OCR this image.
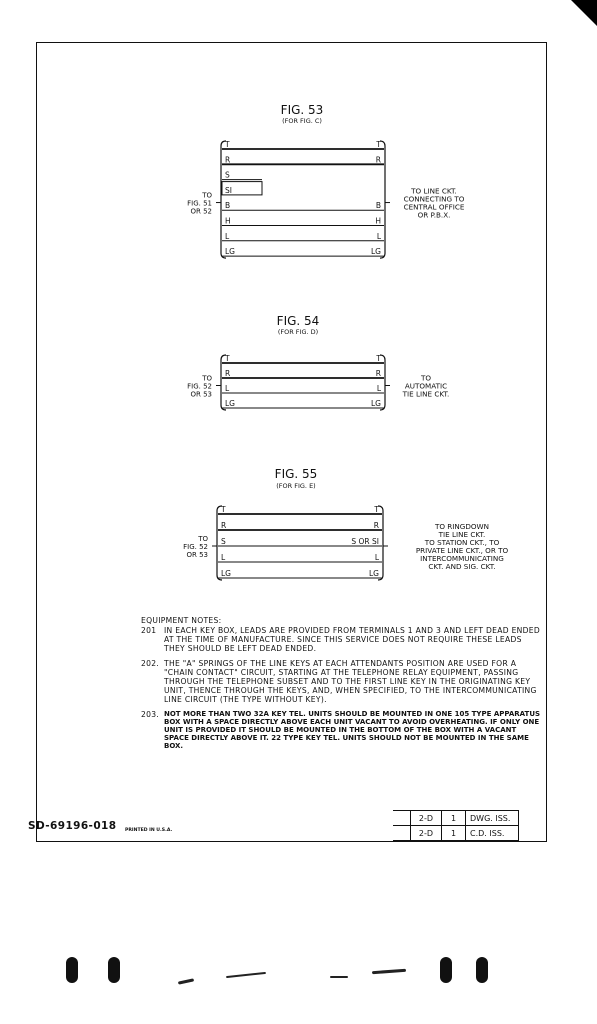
FIG. 53
(FOR FIG. C)
T	T
R	R
S
SI
B	B
H	H
L	L
LG	LG
TO
FIG. 51
OR 52
TO LINE CKT.
CONNECTING TO
CENTRAL OFFICE
OR P.B.X.
FIG. 54
(FOR FIG. D)
T	T
R	R
L	L
LG	LG
TO
FIG. 52
OR 53
TO
AUTOMATIC
TIE LINE CKT.
FIG. 55
(FOR FIG. E)
T	T
R	R
S	S OR SI
L	L
LG	LG
TO
FIG. 52
OR 53
TO RINGDOWN
TIE LINE CKT.
TO STATION CKT., TO
PRIVATE LINE CKT., OR TO
INTERCOMMUNICATING
CKT. AND SIG. CKT.
EQUIPMENT NOTES:
201 IN EACH KEY BOX, LEADS ARE PROVIDED FROM TERMINALS 1 AND 3 AND LEFT DEAD ENDED AT THE TIME OF MANUFACTURE. SINCE THIS SERVICE DOES NOT REQUIRE THESE LEADS THEY SHOULD BE LEFT DEAD ENDED.
202. THE "A" SPRINGS OF THE LINE KEYS AT EACH ATTENDANTS POSITION ARE USED FOR A "CHAIN CONTACT" CIRCUIT, STARTING AT THE TELEPHONE RELAY EQUIPMENT, PASSING THROUGH THE TELEPHONE SUBSET AND TO THE FIRST LINE KEY IN THE ORIGINATING KEY UNIT, THENCE THROUGH THE KEYS, AND, WHEN SPECIFIED, TO THE INTERCOMMUNICATING LINE CIRCUIT (THE TYPE WITHOUT KEY).
203. NOT MORE THAN TWO 32A KEY TEL. UNITS SHOULD BE MOUNTED IN ONE 105 TYPE APPARATUS BOX WITH A SPACE DIRECTLY ABOVE EACH UNIT VACANT TO AVOID OVERHEATING. IF ONLY ONE UNIT IS PROVIDED IT SHOULD BE MOUNTED IN THE BOTTOM OF THE BOX WITH A VACANT SPACE DIRECTLY ABOVE IT. 22 TYPE KEY TEL. UNITS SHOULD NOT BE MOUNTED IN THE SAME BOX.
SD-69196-018 PRINTED IN U.S.A.
	2-D	1	DWG. ISS.
	2-D	1	C.D. ISS.
